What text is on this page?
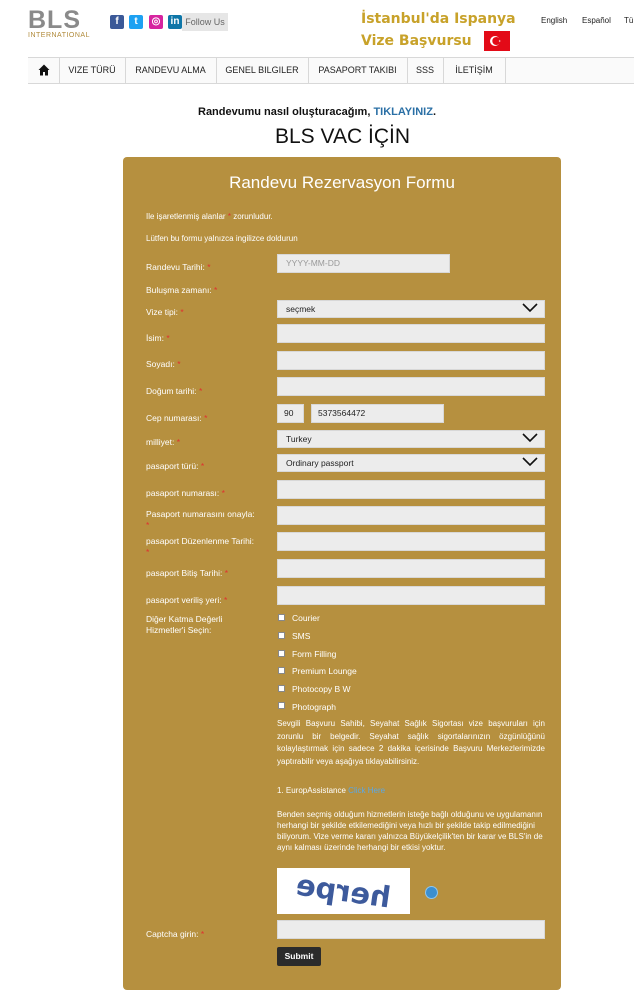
BLS
INTERNATIONAL
f	t	◎ in Follow Us	İstanbul'da Ispanya
Vize Başvursu
English Español Tü
VIZE TÜRÜ	RANDEVU ALMA	GENEL BILGILER	PASAPORT TAKIBI	SSS	İLETİŞİM
Randevumu nasıl oluşturacağım, TIKLAYINIZ.
BLS VAC İÇİN
Randevu Rezervasyon Formu
Ile işaretlenmiş alanlar * zorunludur.
Lütfen bu formu yalnızca ingilizce doldurun
Randevu Tarihi: *	YYYY-MM-DD
Buluşma zamanı: *
Vize tipi: *	seçmek
İsim: *
Soyadı: *
Doğum tarihi: *
Cep numarası: *	90	5373564472
milliyet: *	Turkey
pasaport türü: *	Ordinary passport
pasaport numarası: *
Pasaport numarasını onayla:
*
pasaport Düzenlenme Tarihi:
*
pasaport Bitiş Tarihi: *
pasaport veriliş yeri: *
Diğer Katma Değerli Hizmetler'i Seçin:
Courier
SMS
Form Filling
Premium Lounge
Photocopy B W
Photograph
Sevgili Başvuru Sahibi, Seyahat Sağlık Sigortası vize başvuruları için zorunlu bir belgedir. Seyahat sağlık sigortalarınızın özgünlüğünü kolaylaştırmak için sadece 2 dakika içerisinde Başvuru Merkezlerimizde yaptırabilir veya aşağıya tıklayabilirsiniz.
1. EuropAssistance Click Here
Benden seçmiş olduğum hizmetlerin isteğe bağlı olduğunu ve uygulamanın herhangi bir şekilde etkilemediğini veya hızlı bir şekilde takip edilmediğini biliyorum. Vize verme kararı yalnızca Büyükelçilik'ten bir karar ve BLS'in de aynı kalması üzerinde herhangi bir etkisi yoktur.
herpe
Captcha girin: *
Submit
